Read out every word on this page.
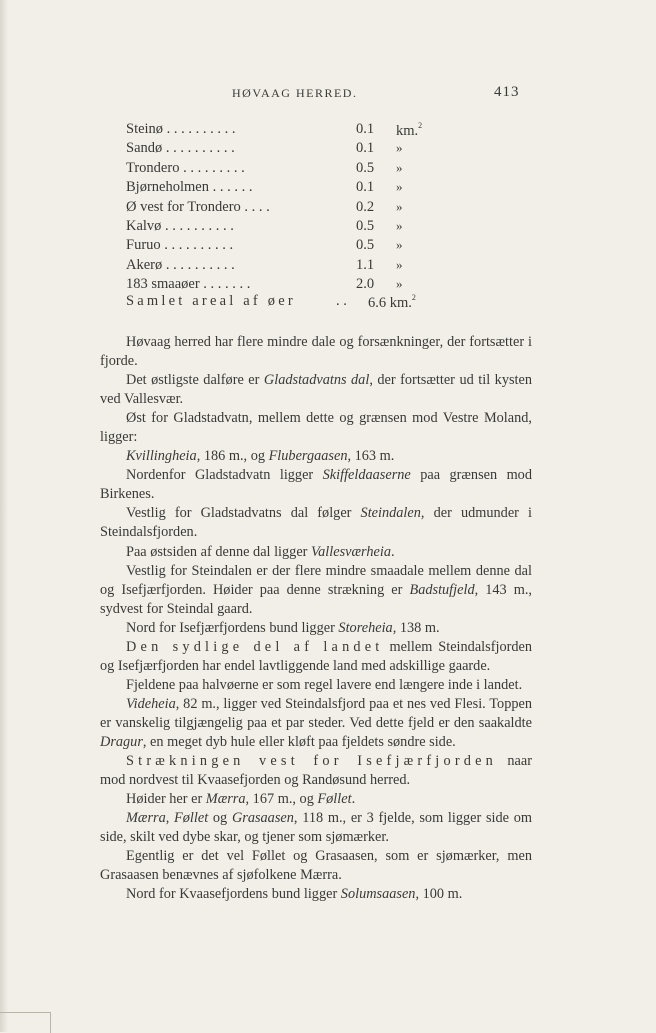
HØVAAG HERRED.	413
Steinø . . . . . . . . . .	0.1 km.$^2$
Sandø . . . . . . . . . .	0.1 »
Trondero . . . . . . . . .	0.5 »
Bjørneholmen . . . . . .	0.1 »
Ø vest for Trondero . . . .	0.2 »
Kalvø . . . . . . . . . .	0.5 »
Furuo . . . . . . . . . .	0.5 »
Akerø . . . . . . . . . .	1.1 »
183 smaaøer . . . . . . .	2.0 »
Samlet areal af øer	. . 6.6 km.$^2$

Høvaag herred har flere mindre dale og forsænkninger, der fortsætter i fjorde.

Det østligste dalføre er Gladstadvatns dal, der fortsætter ud til kysten ved Vallesvær.

Øst for Gladstadvatn, mellem dette og grænsen mod Vestre Moland, ligger:

Kvillingheia, 186 m., og Flubergaasen, 163 m.

Nordenfor Gladstadvatn ligger Skiffeldaaserne paa grænsen mod Birkenes.

Vestlig for Gladstadvatns dal følger Steindalen, der udmunder i Steindalsfjorden.

Paa østsiden af denne dal ligger Vallesværheia.

Vestlig for Steindalen er der flere mindre smaadale mellem denne dal og Isefjærfjorden. Høider paa denne strækning er Badstufjeld, 143 m., sydvest for Steindal gaard.

Nord for Isefjærfjordens bund ligger Storeheia, 138 m.

Den sydlige del af landet mellem Steindalsfjorden og Isefjærfjorden har endel lavtliggende land med adskillige gaarde.

Fjeldene paa halvøerne er som regel lavere end længere inde i landet.

Videheia, 82 m., ligger ved Steindalsfjord paa et nes ved Flesi. Toppen er vanskelig tilgjængelig paa et par steder. Ved dette fjeld er den saakaldte Dragur, en meget dyb hule eller kløft paa fjeldets søndre side.

Strækningen vest for Isefjærfjorden naar mod nordvest til Kvaasefjorden og Randøsund herred.

Høider her er Mærra, 167 m., og Føllet.

Mærra, Føllet og Grasaasen, 118 m., er 3 fjelde, som ligger side om side, skilt ved dybe skar, og tjener som sjømærker.

Egentlig er det vel Føllet og Grasaasen, som er sjømærker, men Grasaasen benævnes af sjøfolkene Mærra.

Nord for Kvaasefjordens bund ligger Solumsaasen, 100 m.
